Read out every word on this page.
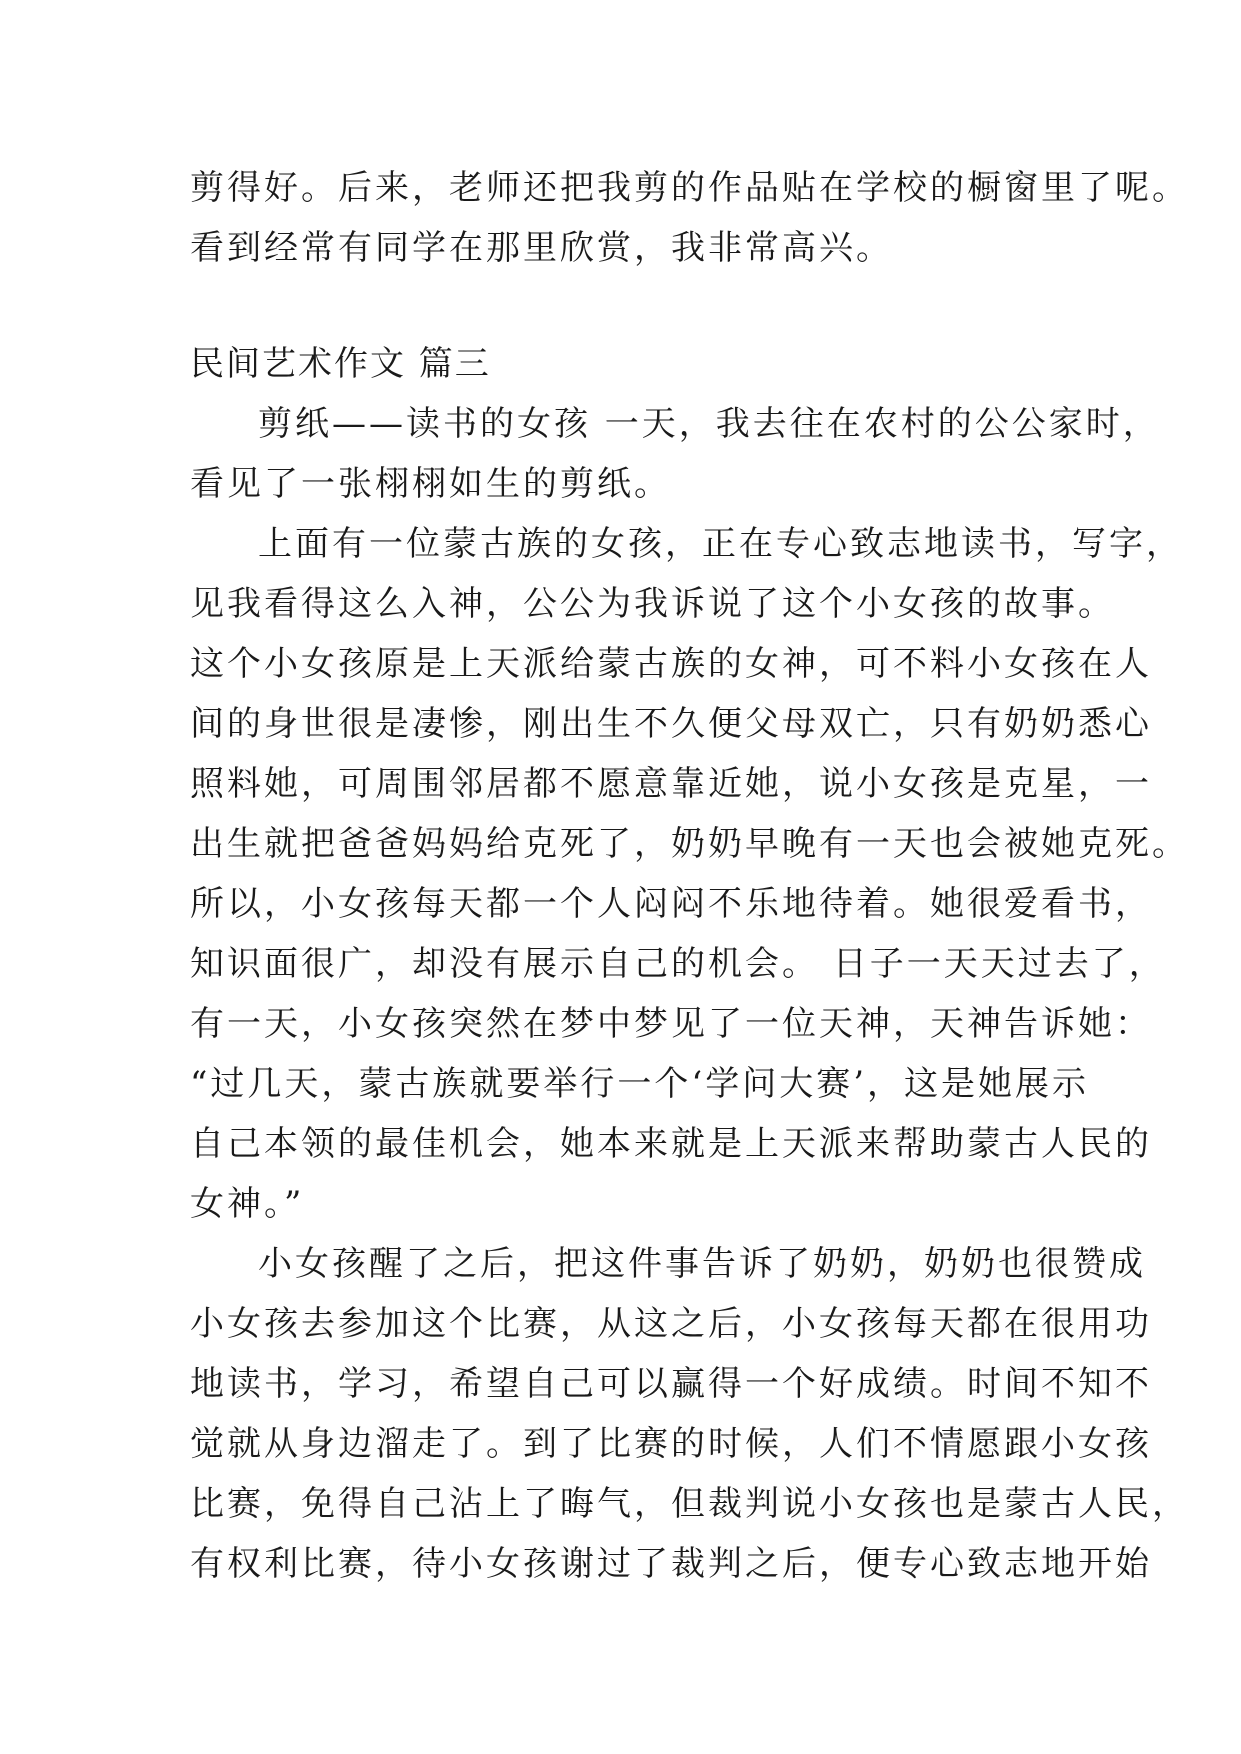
剪得好。后来，老师还把我剪的作品贴在学校的橱窗里了呢。
看到经常有同学在那里欣赏，我非常高兴。
民间艺术作文 篇三
剪纸——读书的女孩 一天，我去往在农村的公公家时，
看见了一张栩栩如生的剪纸。
上面有一位蒙古族的女孩，正在专心致志地读书，写字，
见我看得这么入神，公公为我诉说了这个小女孩的故事。
这个小女孩原是上天派给蒙古族的女神，可不料小女孩在人
间的身世很是凄惨，刚出生不久便父母双亡，只有奶奶悉心
照料她，可周围邻居都不愿意靠近她，说小女孩是克星，一
出生就把爸爸妈妈给克死了，奶奶早晚有一天也会被她克死。
所以，小女孩每天都一个人闷闷不乐地待着。她很爱看书，
知识面很广，却没有展示自己的机会。 日子一天天过去了，
有一天，小女孩突然在梦中梦见了一位天神，天神告诉她：
“过几天，蒙古族就要举行一个‘学问大赛’，这是她展示
自己本领的最佳机会，她本来就是上天派来帮助蒙古人民的
女神。”
小女孩醒了之后，把这件事告诉了奶奶，奶奶也很赞成
小女孩去参加这个比赛，从这之后，小女孩每天都在很用功
地读书，学习，希望自己可以赢得一个好成绩。时间不知不
觉就从身边溜走了。到了比赛的时候，人们不情愿跟小女孩
比赛，免得自己沾上了晦气，但裁判说小女孩也是蒙古人民，
有权利比赛，待小女孩谢过了裁判之后，便专心致志地开始
